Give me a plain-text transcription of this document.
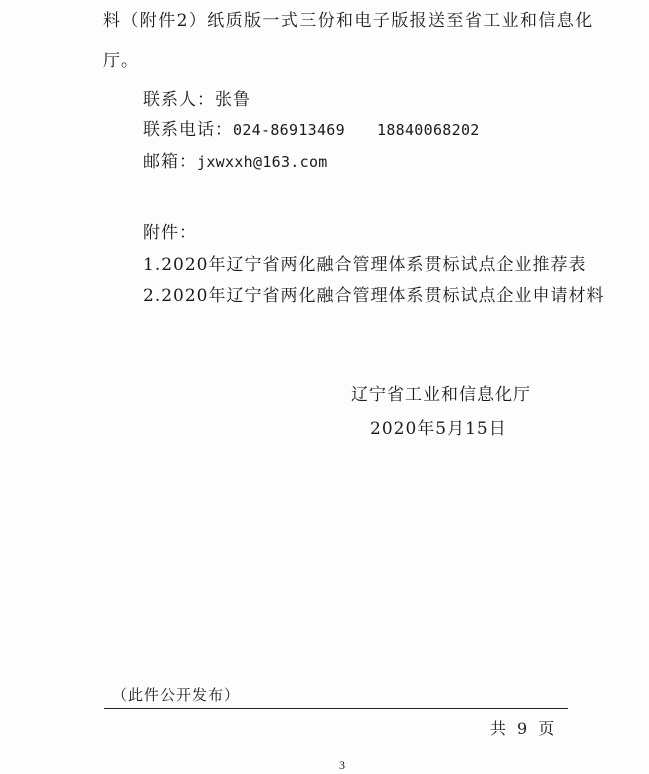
料（附件2）纸质版一式三份和电子版报送至省工业和信息化
厅。
联系人：张鲁
联系电话：024-86913469 18840068202
邮箱：jxwxxh@163.com
附件：
1.2020年辽宁省两化融合管理体系贯标试点企业推荐表
2.2020年辽宁省两化融合管理体系贯标试点企业申请材料
辽宁省工业和信息化厅
2020年5月15日
（此件公开发布）
共 9 页
3
